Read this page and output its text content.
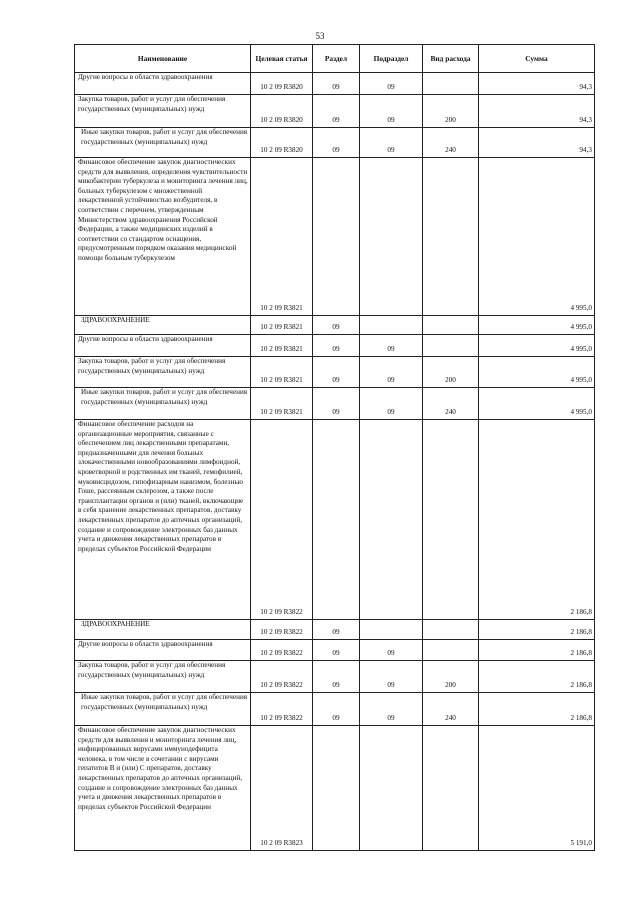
53
Наименование	Целевая статья	Раздел	Подраздел	Вид расхода	Сумма
Другие вопросы в области здравоохранения	10 2 09 R3820	09	09		94,3
Закупка товаров, работ и услуг для обеспечения государственных (муниципальных) нужд	10 2 09 R3820	09	09	200	94,3
Иные закупки товаров, работ и услуг для обеспечения государственных (муниципальных) нужд	10 2 09 R3820	09	09	240	94,3
Финансовое обеспечение закупок диагностических средств для выявления, определения чувствительности микобактерии туберкулеза и мониторинга лечения лиц, больных туберкулезом с множественной лекарственной устойчивостью возбудителя, в соответствии с перечнем, утвержденным Министерством здравоохранения Российской Федерации, а также медицинских изделий в соответствии со стандартом оснащения, предусмотренным порядком оказания медицинской помощи больным туберкулезом	10 2 09 R3821				4 995,0
ЗДРАВООХРАНЕНИЕ	10 2 09 R3821	09			4 995,0
Другие вопросы в области здравоохранения	10 2 09 R3821	09	09		4 995,0
Закупка товаров, работ и услуг для обеспечения государственных (муниципальных) нужд	10 2 09 R3821	09	09	200	4 995,0
Иные закупки товаров, работ и услуг для обеспечения государственных (муниципальных) нужд	10 2 09 R3821	09	09	240	4 995,0
Финансовое обеспечение расходов на организационные мероприятия, связанные с обеспечением лиц лекарственными препаратами, предназначенными для лечения больных злокачественными новообразованиями лимфоидной, кроветворной и родственных им тканей, гемофилией, муковисцидозом, гипофизарным нанизмом, болезнью Гоше, рассеянным склерозом, а также после трансплантации органов и (или) тканей, включающие в себя хранение лекарственных препаратов, доставку лекарственных препаратов до аптечных организаций, создание и сопровождение электронных баз данных учета и движения лекарственных препаратов в пределах субъектов Российской Федерации	10 2 09 R3822				2 186,8
ЗДРАВООХРАНЕНИЕ	10 2 09 R3822	09			2 186,8
Другие вопросы в области здравоохранения	10 2 09 R3822	09	09		2 186,8
Закупка товаров, работ и услуг для обеспечения государственных (муниципальных) нужд	10 2 09 R3822	09	09	200	2 186,8
Иные закупки товаров, работ и услуг для обеспечения государственных (муниципальных) нужд	10 2 09 R3822	09	09	240	2 186,8
Финансовое обеспечение закупок диагностических средств для выявления и мониторинга лечения лиц, инфицированных вирусами иммунодефицита человека, в том числе в сочетании с вирусами гепатитов B и (или) C препаратов, доставку лекарственных препаратов до аптечных организаций, создание и сопровождение электронных баз данных учета и движения лекарственных препаратов в пределах субъектов Российской Федерации	10 2 09 R3823				5 191,0
